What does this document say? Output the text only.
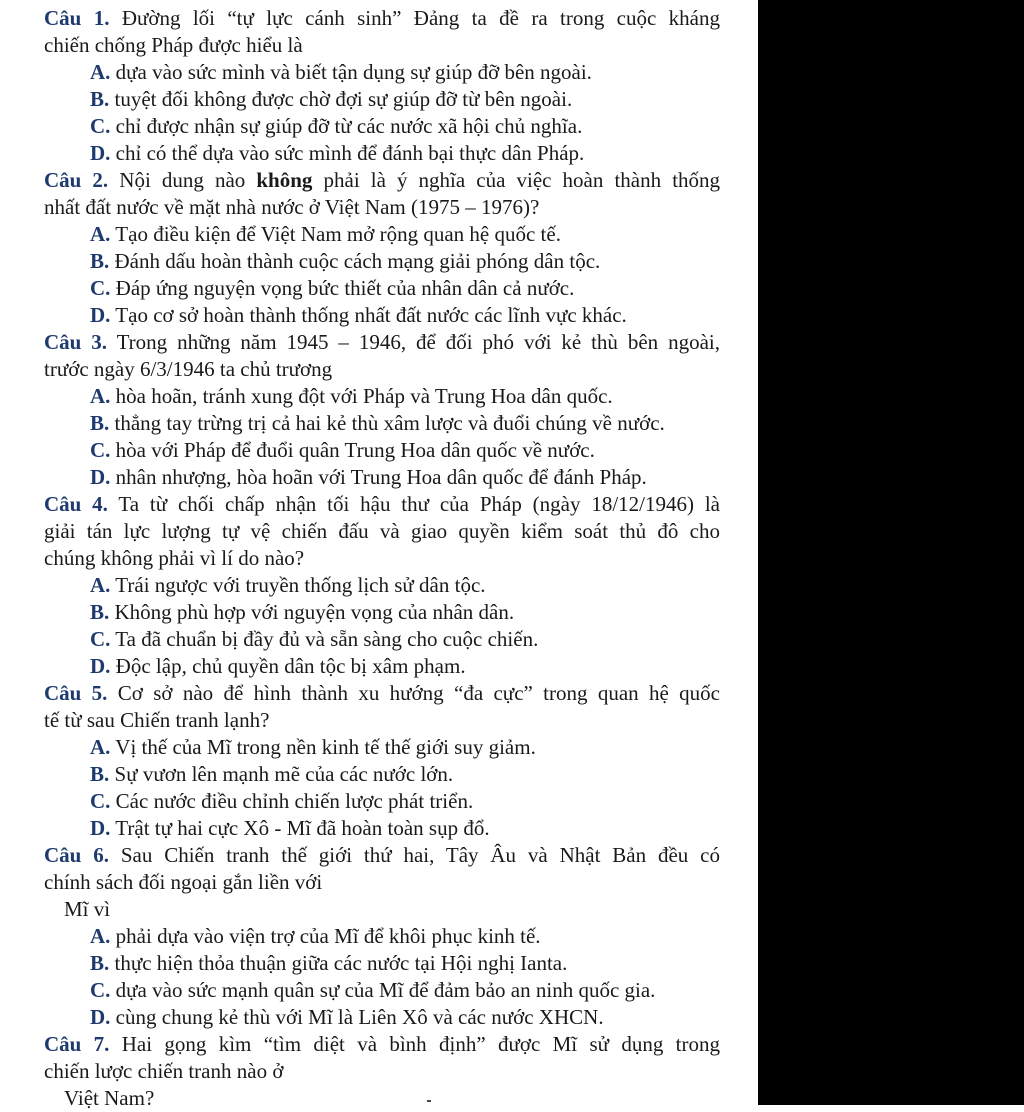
Câu 1. Đường lối “tự lực cánh sinh” Đảng ta đề ra trong cuộc kháng
chiến chống Pháp được hiểu là
A. dựa vào sức mình và biết tận dụng sự giúp đỡ bên ngoài.
B. tuyệt đối không được chờ đợi sự giúp đỡ từ bên ngoài.
C. chỉ được nhận sự giúp đỡ từ các nước xã hội chủ nghĩa.
D. chỉ có thể dựa vào sức mình để đánh bại thực dân Pháp.
Câu 2. Nội dung nào không phải là ý nghĩa của việc hoàn thành thống
nhất đất nước về mặt nhà nước ở Việt Nam (1975 – 1976)?
A. Tạo điều kiện để Việt Nam mở rộng quan hệ quốc tế.
B. Đánh dấu hoàn thành cuộc cách mạng giải phóng dân tộc.
C. Đáp ứng nguyện vọng bức thiết của nhân dân cả nước.
D. Tạo cơ sở hoàn thành thống nhất đất nước các lĩnh vực khác.
Câu 3. Trong những năm 1945 – 1946, để đối phó với kẻ thù bên ngoài,
trước ngày 6/3/1946 ta chủ trương
A. hòa hoãn, tránh xung đột với Pháp và Trung Hoa dân quốc.
B. thẳng tay trừng trị cả hai kẻ thù xâm lược và đuổi chúng về nước.
C. hòa với Pháp để đuổi quân Trung Hoa dân quốc về nước.
D. nhân nhượng, hòa hoãn với Trung Hoa dân quốc để đánh Pháp.
Câu 4. Ta từ chối chấp nhận tối hậu thư của Pháp (ngày 18/12/1946) là
giải tán lực lượng tự vệ chiến đấu và giao quyền kiểm soát thủ đô cho
chúng không phải vì lí do nào?
A. Trái ngược với truyền thống lịch sử dân tộc.
B. Không phù hợp với nguyện vọng của nhân dân.
C. Ta đã chuẩn bị đầy đủ và sẵn sàng cho cuộc chiến.
D. Độc lập, chủ quyền dân tộc bị xâm phạm.
Câu 5. Cơ sở nào để hình thành xu hướng “đa cực” trong quan hệ quốc
tế từ sau Chiến tranh lạnh?
A. Vị thế của Mĩ trong nền kinh tế thế giới suy giảm.
B. Sự vươn lên mạnh mẽ của các nước lớn.
C. Các nước điều chỉnh chiến lược phát triển.
D. Trật tự hai cực Xô - Mĩ đã hoàn toàn sụp đổ.
Câu 6. Sau Chiến tranh thế giới thứ hai, Tây Âu và Nhật Bản đều có
chính sách đối ngoại gắn liền với
Mĩ vì
A. phải dựa vào viện trợ của Mĩ để khôi phục kinh tế.
B. thực hiện thỏa thuận giữa các nước tại Hội nghị Ianta.
C. dựa vào sức mạnh quân sự của Mĩ để đảm bảo an ninh quốc gia.
D. cùng chung kẻ thù với Mĩ là Liên Xô và các nước XHCN.
Câu 7. Hai gọng kìm “tìm diệt và bình định” được Mĩ sử dụng trong
chiến lược chiến tranh nào ở
Việt Nam?
